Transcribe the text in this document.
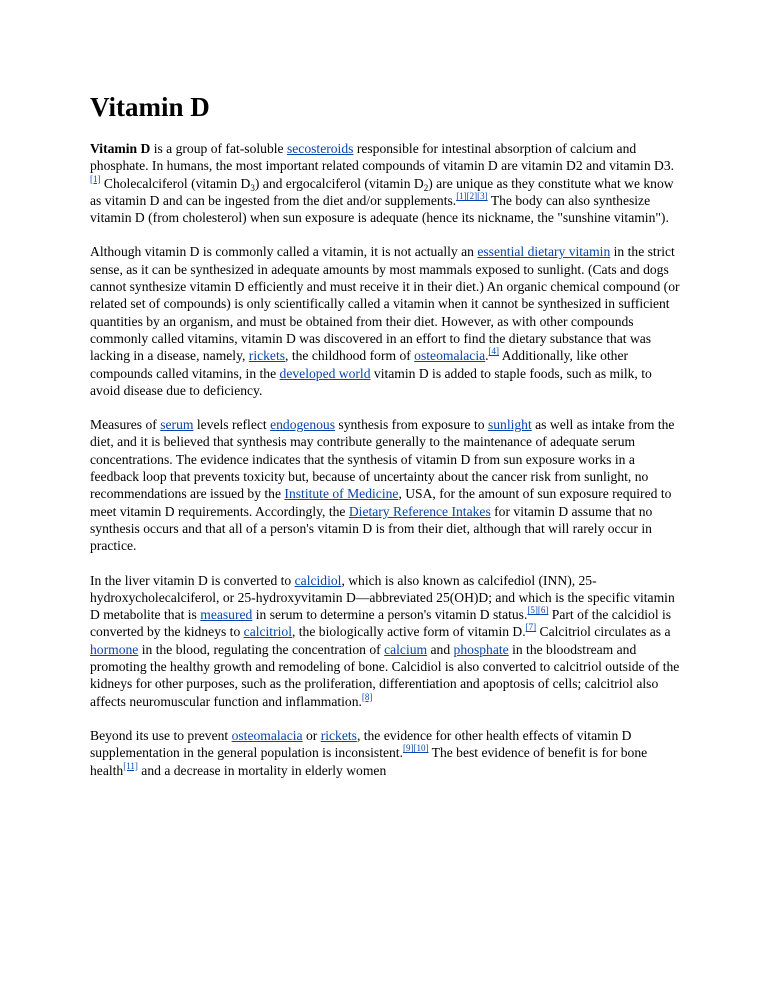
Vitamin D

Vitamin D is a group of fat-soluble secosteroids responsible for intestinal absorption of calcium and phosphate. In humans, the most important related compounds of vitamin D are vitamin D2 and vitamin D3.[1] Cholecalciferol (vitamin $D_3$) and ergocalciferol (vitamin $D_2$) are unique as they constitute what we know as vitamin D and can be ingested from the diet and/or supplements.[1][2][3] The body can also synthesize vitamin D (from cholesterol) when sun exposure is adequate (hence its nickname, the "sunshine vitamin").

Although vitamin D is commonly called a vitamin, it is not actually an essential dietary vitamin in the strict sense, as it can be synthesized in adequate amounts by most mammals exposed to sunlight. (Cats and dogs cannot synthesize vitamin D efficiently and must receive it in their diet.) An organic chemical compound (or related set of compounds) is only scientifically called a vitamin when it cannot be synthesized in sufficient quantities by an organism, and must be obtained from their diet. However, as with other compounds commonly called vitamins, vitamin D was discovered in an effort to find the dietary substance that was lacking in a disease, namely, rickets, the childhood form of osteomalacia.[4] Additionally, like other compounds called vitamins, in the developed world vitamin D is added to staple foods, such as milk, to avoid disease due to deficiency.

Measures of serum levels reflect endogenous synthesis from exposure to sunlight as well as intake from the diet, and it is believed that synthesis may contribute generally to the maintenance of adequate serum concentrations. The evidence indicates that the synthesis of vitamin D from sun exposure works in a feedback loop that prevents toxicity but, because of uncertainty about the cancer risk from sunlight, no recommendations are issued by the Institute of Medicine, USA, for the amount of sun exposure required to meet vitamin D requirements. Accordingly, the Dietary Reference Intakes for vitamin D assume that no synthesis occurs and that all of a person's vitamin D is from their diet, although that will rarely occur in practice.

In the liver vitamin D is converted to calcidiol, which is also known as calcifediol (INN), 25-hydroxycholecalciferol, or 25-hydroxyvitamin D—abbreviated 25(OH)D; and which is the specific vitamin D metabolite that is measured in serum to determine a person's vitamin D status.[5][6] Part of the calcidiol is converted by the kidneys to calcitriol, the biologically active form of vitamin D.[7] Calcitriol circulates as a hormone in the blood, regulating the concentration of calcium and phosphate in the bloodstream and promoting the healthy growth and remodeling of bone. Calcidiol is also converted to calcitriol outside of the kidneys for other purposes, such as the proliferation, differentiation and apoptosis of cells; calcitriol also affects neuromuscular function and inflammation.[8]

Beyond its use to prevent osteomalacia or rickets, the evidence for other health effects of vitamin D supplementation in the general population is inconsistent.[9][10] The best evidence of benefit is for bone health[11] and a decrease in mortality in elderly women
